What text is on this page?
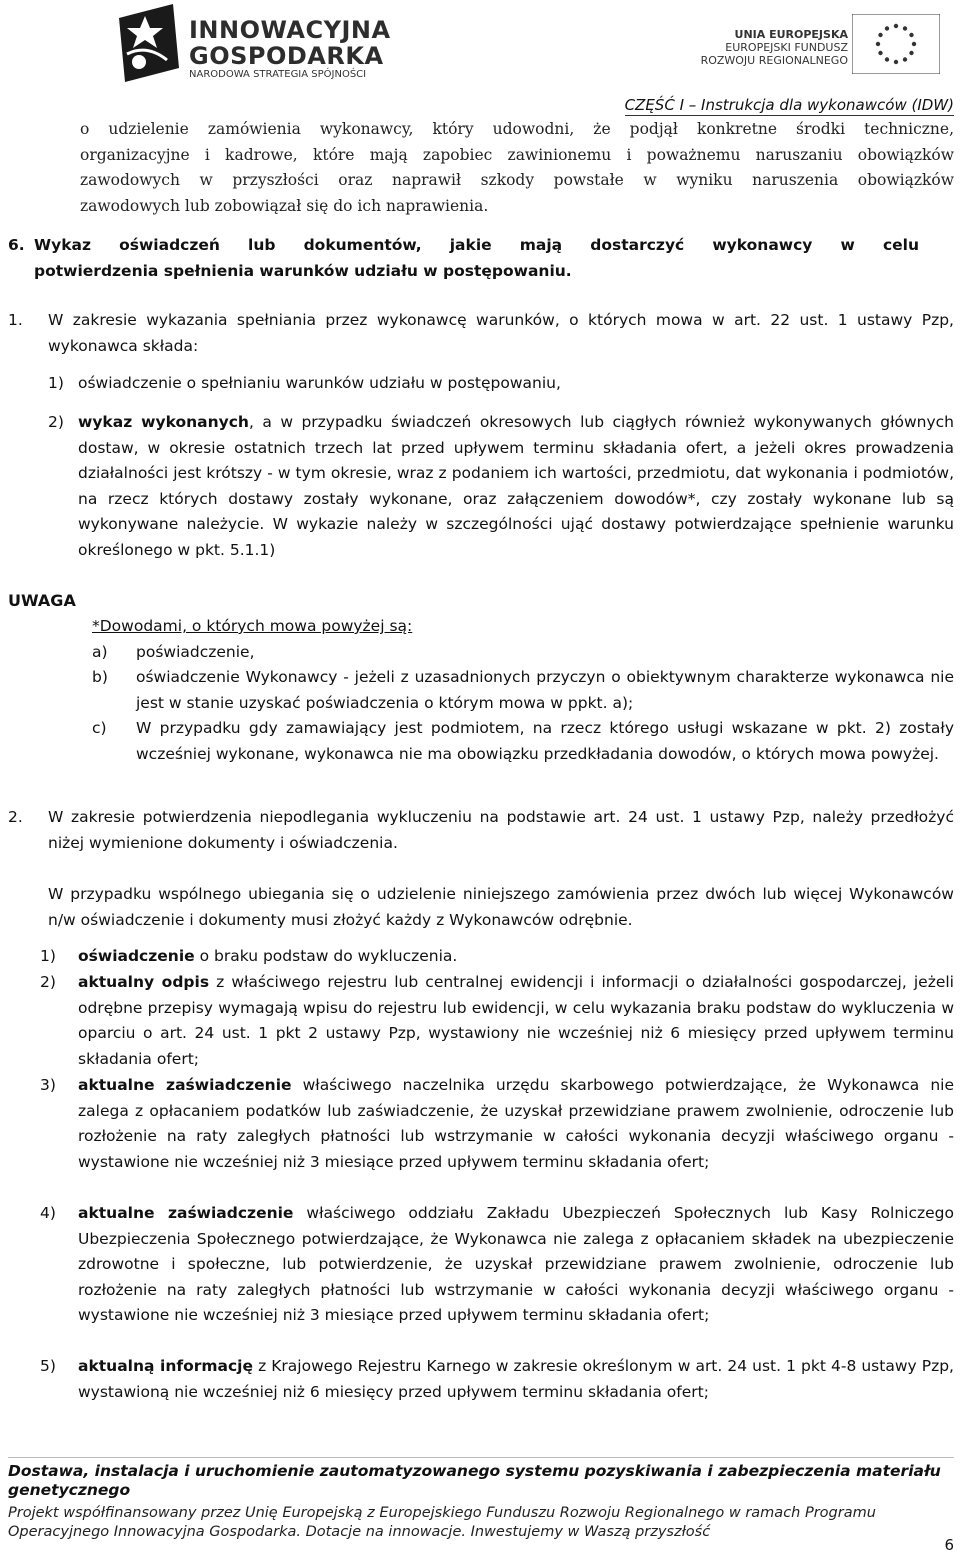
INNOWACYJNA
GOSPODARKA
NARODOWA STRATEGIA SPÓJNOŚCI
UNIA EUROPEJSKA
EUROPEJSKI FUNDUSZ
ROZWOJU REGIONALNEGO
CZĘŚĆ I – Instrukcja dla wykonawców (IDW)

o udzielenie zamówienia wykonawcy, który udowodni, że podjął konkretne środki techniczne,

organizacyjne i kadrowe, które mają zapobiec zawinionemu i poważnemu naruszaniu obowiązków

zawodowych w przyszłości oraz naprawił szkody powstałe w wyniku naruszenia obowiązków

zawodowych lub zobowiązał się do ich naprawienia.

6. Wykaz oświadczeń lub dokumentów, jakie mają dostarczyć wykonawcy w celu

potwierdzenia spełnienia warunków udziału w postępowaniu.

1. W zakresie wykazania spełniania przez wykonawcę warunków, o których mowa w art. 22 ust. 1 ustawy Pzp, wykonawca składa:

1) oświadczenie o spełnianiu warunków udziału w postępowaniu,

2) wykaz wykonanych, a w przypadku świadczeń okresowych lub ciągłych również wykonywanych głównych dostaw, w okresie ostatnich trzech lat przed upływem terminu składania ofert, a jeżeli okres prowadzenia działalności jest krótszy - w tym okresie, wraz z podaniem ich wartości, przedmiotu, dat wykonania i podmiotów, na rzecz których dostawy zostały wykonane, oraz załączeniem dowodów*, czy zostały wykonane lub są wykonywane należycie. W wykazie należy w szczególności ująć dostawy potwierdzające spełnienie warunku określonego w pkt. 5.1.1)

UWAGA
*Dowodami, o których mowa powyżej są:
a) poświadczenie,

b) oświadczenie Wykonawcy - jeżeli z uzasadnionych przyczyn o obiektywnym charakterze wykonawca nie jest w stanie uzyskać poświadczenia o którym mowa w ppkt. a);

c) W przypadku gdy zamawiający jest podmiotem, na rzecz którego usługi wskazane w pkt. 2) zostały wcześniej wykonane, wykonawca nie ma obowiązku przedkładania dowodów, o których mowa powyżej.

2. W zakresie potwierdzenia niepodlegania wykluczeniu na podstawie art. 24 ust. 1 ustawy Pzp, należy przedłożyć niżej wymienione dokumenty i oświadczenia.

W przypadku wspólnego ubiegania się o udzielenie niniejszego zamówienia przez dwóch lub więcej Wykonawców n/w oświadczenie i dokumenty musi złożyć każdy z Wykonawców odrębnie.

1) oświadczenie o braku podstaw do wykluczenia.

2) aktualny odpis z właściwego rejestru lub centralnej ewidencji i informacji o działalności gospodarczej, jeżeli odrębne przepisy wymagają wpisu do rejestru lub ewidencji, w celu wykazania braku podstaw do wykluczenia w oparciu o art. 24 ust. 1 pkt 2 ustawy Pzp, wystawiony nie wcześniej niż 6 miesięcy przed upływem terminu składania ofert;

3) aktualne zaświadczenie właściwego naczelnika urzędu skarbowego potwierdzające, że Wykonawca nie zalega z opłacaniem podatków lub zaświadczenie, że uzyskał przewidziane prawem zwolnienie, odroczenie lub rozłożenie na raty zaległych płatności lub wstrzymanie w całości wykonania decyzji właściwego organu - wystawione nie wcześniej niż 3 miesiące przed upływem terminu składania ofert;

4) aktualne zaświadczenie właściwego oddziału Zakładu Ubezpieczeń Społecznych lub Kasy Rolniczego Ubezpieczenia Społecznego potwierdzające, że Wykonawca nie zalega z opłacaniem składek na ubezpieczenie zdrowotne i społeczne, lub potwierdzenie, że uzyskał przewidziane prawem zwolnienie, odroczenie lub rozłożenie na raty zaległych płatności lub wstrzymanie w całości wykonania decyzji właściwego organu - wystawione nie wcześniej niż 3 miesiące przed upływem terminu składania ofert;

5) aktualną informację z Krajowego Rejestru Karnego w zakresie określonym w art. 24 ust. 1 pkt 4-8 ustawy Pzp, wystawioną nie wcześniej niż 6 miesięcy przed upływem terminu składania ofert;

Dostawa, instalacja i uruchomienie zautomatyzowanego systemu pozyskiwania i zabezpieczenia materiału genetycznego
Projekt współfinansowany przez Unię Europejską z Europejskiego Funduszu Rozwoju Regionalnego w ramach Programu Operacyjnego Innowacyjna Gospodarka. Dotacje na innowacje. Inwestujemy w Waszą przyszłość
6
